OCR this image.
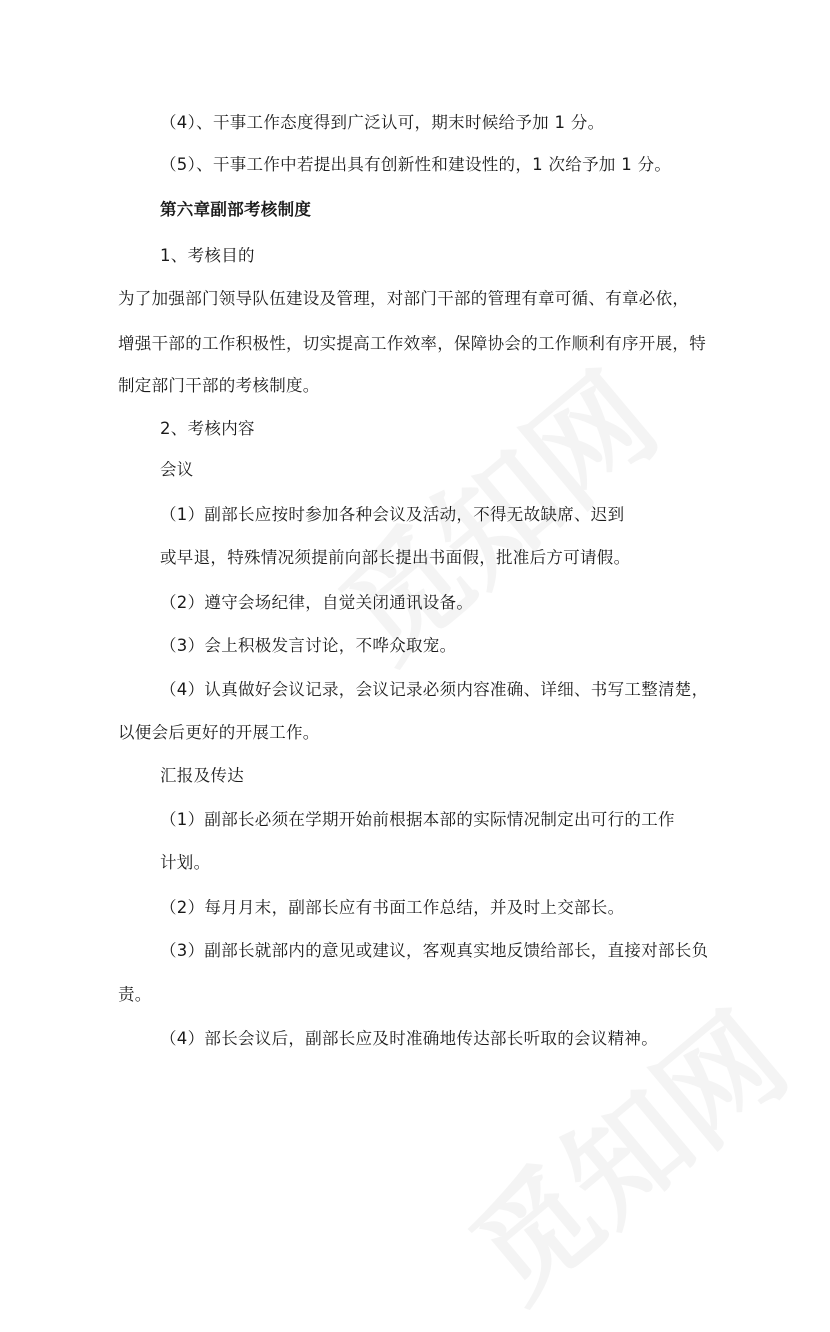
（4）、干事工作态度得到广泛认可，期末时候给予加 1 分。
（5）、干事工作中若提出具有创新性和建设性的，1 次给予加 1 分。
第六章副部考核制度
1、考核目的
为了加强部门领导队伍建设及管理，对部门干部的管理有章可循、有章必依，
增强干部的工作积极性，切实提高工作效率，保障协会的工作顺利有序开展，特
制定部门干部的考核制度。
2、考核内容
会议
（1）副部长应按时参加各种会议及活动，不得无故缺席、迟到
或早退，特殊情况须提前向部长提出书面假，批准后方可请假。
（2）遵守会场纪律，自觉关闭通讯设备。
（3）会上积极发言讨论，不哗众取宠。
（4）认真做好会议记录，会议记录必须内容准确、详细、书写工整清楚，
以便会后更好的开展工作。
汇报及传达
（1）副部长必须在学期开始前根据本部的实际情况制定出可行的工作
计划。
（2）每月月末，副部长应有书面工作总结，并及时上交部长。
（3）副部长就部内的意见或建议，客观真实地反馈给部长，直接对部长负
责。
（4）部长会议后，副部长应及时准确地传达部长听取的会议精神。
